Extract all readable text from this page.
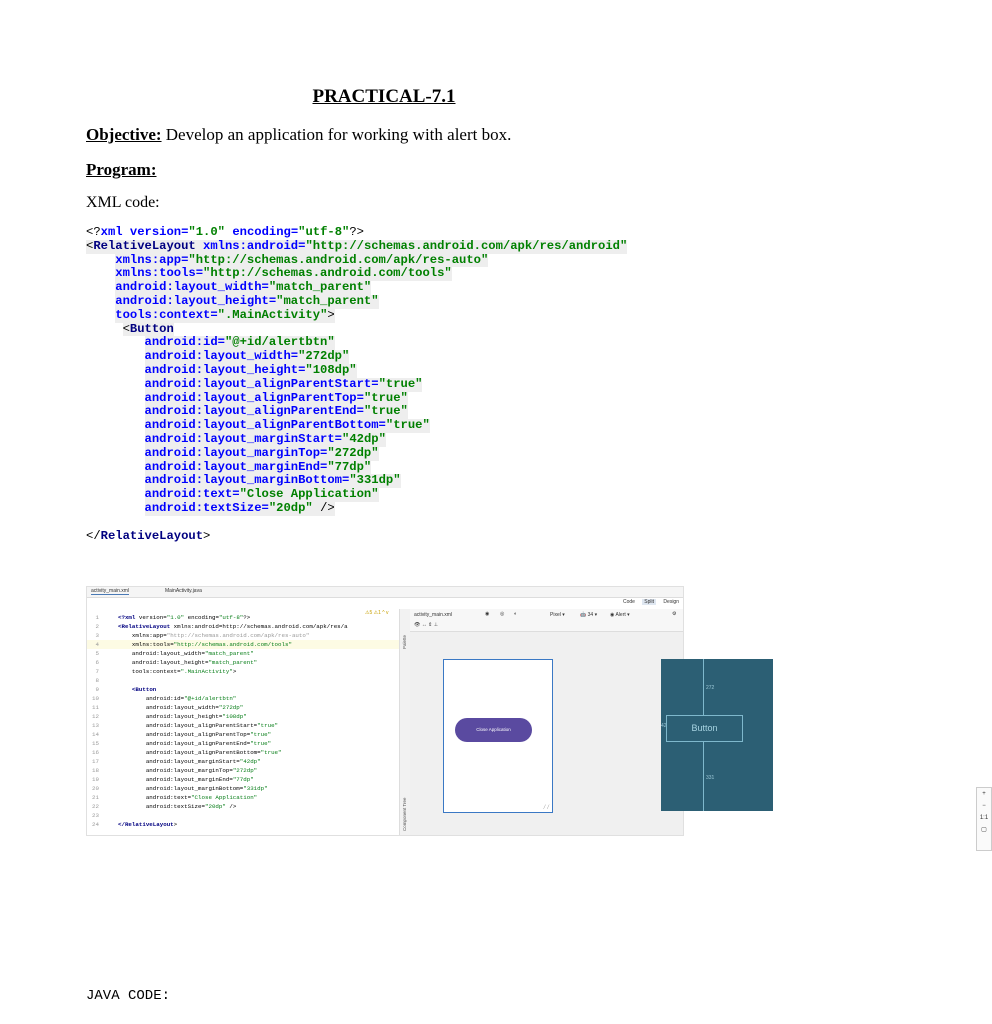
PRACTICAL-7.1
Objective: Develop an application for working with alert box.
Program:
XML code:
<?xml version="1.0" encoding="utf-8"?>
<RelativeLayout xmlns:android="http://schemas.android.com/apk/res/android"
xmlns:app="http://schemas.android.com/apk/res-auto"
xmlns:tools="http://schemas.android.com/tools"
android:layout_width="match_parent"
android:layout_height="match_parent"
tools:context=".MainActivity">
<Button
android:id="@+id/alertbtn"
android:layout_width="272dp"
android:layout_height="108dp"
android:layout_alignParentStart="true"
android:layout_alignParentTop="true"
android:layout_alignParentEnd="true"
android:layout_alignParentBottom="true"
android:layout_marginStart="42dp"
android:layout_marginTop="272dp"
android:layout_marginEnd="77dp"
android:layout_marginBottom="331dp"
android:text="Close Application"
android:textSize="20dp" />

</RelativeLayout>
activity_main.xml	MainActivity.java
Code Split Design
⚠5 ⚠1 ^ v
1	<?xml version="1.0" encoding="utf-8"?>
2	<RelativeLayout xmlns:android=http://schemas.android.com/apk/res/a
3	xmlns:app="http://schemas.android.com/apk/res-auto"
4	xmlns:tools="http://schemas.android.com/tools"
5	android:layout_width="match_parent"
6	android:layout_height="match_parent"
7	tools:context=".MainActivity">
8
9	<Button
10	android:id="@+id/alertbtn"
11	android:layout_width="272dp"
12	android:layout_height="108dp"
13	android:layout_alignParentStart="true"
14	android:layout_alignParentTop="true"
15	android:layout_alignParentEnd="true"
16	android:layout_alignParentBottom="true"
17	android:layout_marginStart="42dp"
18	android:layout_marginTop="272dp"
19	android:layout_marginEnd="77dp"
20	android:layout_marginBottom="331dp"
21	android:text="Close Application"
22	android:textSize="20dp" />
23
24	</RelativeLayout>
Palette
Component Tree
activity_main.xml	◉ ◎ ◐	Pixel ▾	🤖 34 ▾	◉ Alert ▾	⚙
👁 ↔ ⇕ ⊥
Close Application
⁄⁄
272
331
42	Button
+
−
1:1
▢
JAVA CODE:
